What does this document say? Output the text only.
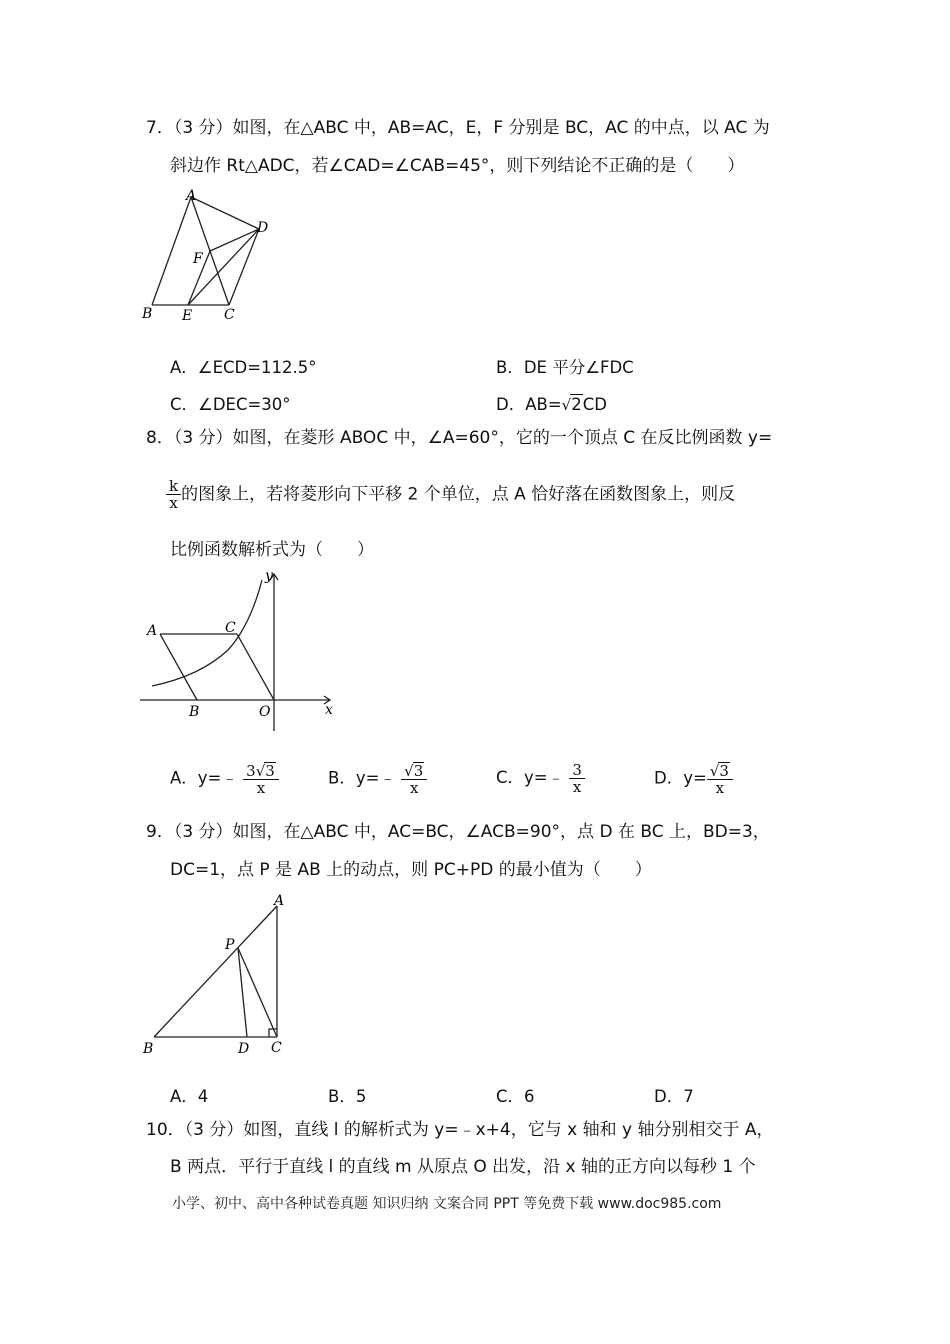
7．（3 分）如图，在△ABC 中，AB=AC，E，F 分别是 BC，AC 的中点，以 AC 为
斜边作 Rt△ADC，若∠CAD=∠CAB=45°，则下列结论不正确的是（　　）
A
B E C
D
F
A．∠ECD=112.5°	B．DE 平分∠FDC
C．∠DEC=30°	D．AB=√2CD
8．（3 分）如图，在菱形 ABOC 中，∠A=60°，它的一个顶点 C 在反比例函数 y=
$\frac{k}{x}$ 的图象上，若将菱形向下平移 2 个单位，点 A 恰好落在函数图象上，则反
比例函数解析式为（　　）
y
A	C
B	O	x
A．y=﹣ $\frac{3√3}{x}$	B．y=﹣ $\frac{√3}{x}$	C．y=﹣ $\frac{3}{x}$	D．$y= \frac{√3}{x}$
9．（3 分）如图，在△ABC 中，AC=BC，∠ACB=90°，点 D 在 BC 上，BD=3，
DC=1，点 P 是 AB 上的动点，则 PC+PD 的最小值为（　　）
A
P
B	D C
A．4	B．5	C．6	D．7
10．（3 分）如图，直线 l 的解析式为 y=﹣x+4，它与 x 轴和 y 轴分别相交于 A，
B 两点．平行于直线 l 的直线 m 从原点 O 出发，沿 x 轴的正方向以每秒 1 个
小学、初中、高中各种试卷真题 知识归纳 文案合同 PPT 等免费下载 www.doc985.com
